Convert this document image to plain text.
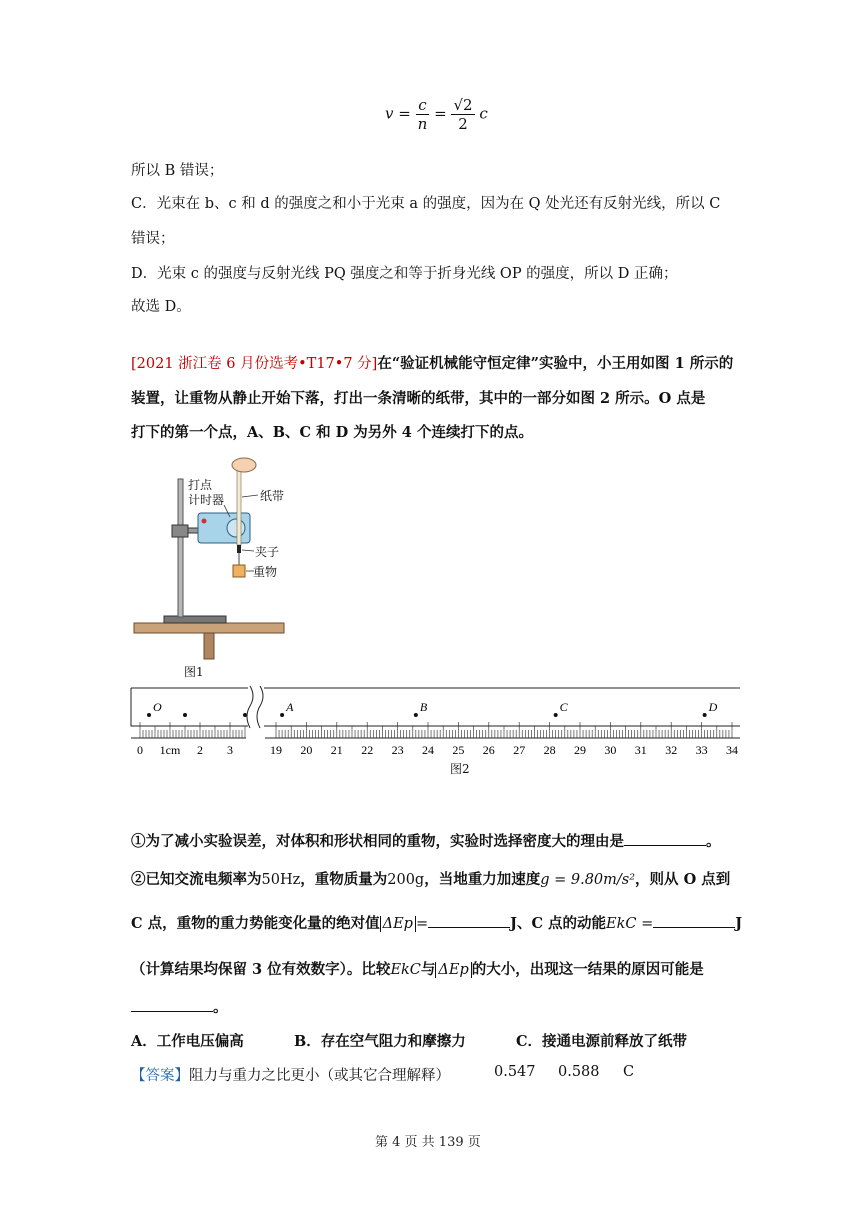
$v = \frac{c}{n} = \frac{√2}{2}$ c
所以 B 错误；
C．光束在 b、c 和 d 的强度之和小于光束 a 的强度，因为在 Q 处光还有反射光线，所以 C
错误；
D．光束 c 的强度与反射光线 PQ 强度之和等于折身光线 OP 的强度，所以 D 正确；
故选 D。
[2021 浙江卷 6 月份选考•T17•7 分]在“验证机械能守恒定律”实验中，小王用如图 1 所示的
装置，让重物从静止开始下落，打出一条清晰的纸带，其中的一部分如图 2 所示。O 点是
打下的第一个点，A、B、C 和 D 为另外 4 个连续打下的点。
打点
计时器	纸带
夹子
重物
图1
0 1cm 2 3	19 20 21 22 23 24 25 26 27 28 29 30 31 32 33 34
O	A	B	C	D
图2
①为了减小实验误差，对体积和形状相同的重物，实验时选择密度大的理由是	。
②已知交流电频率为50Hz，重物质量为200g，当地重力加速度g = 9.80m/s²，则从 O 点到
C 点，重物的重力势能变化量的绝对值 ΔEp =	J、C 点的动能EkC =	J
（计算结果均保留 3 位有效数字）。比较EkC与 ΔEp 的大小，出现这一结果的原因可能是
。
A．工作电压偏高	B．存在空气阻力和摩擦力	C．接通电源前释放了纸带
【答案】阻力与重力之比更小（或其它合理解释）	0.547 0.588 C
第 4 页 共 139 页
